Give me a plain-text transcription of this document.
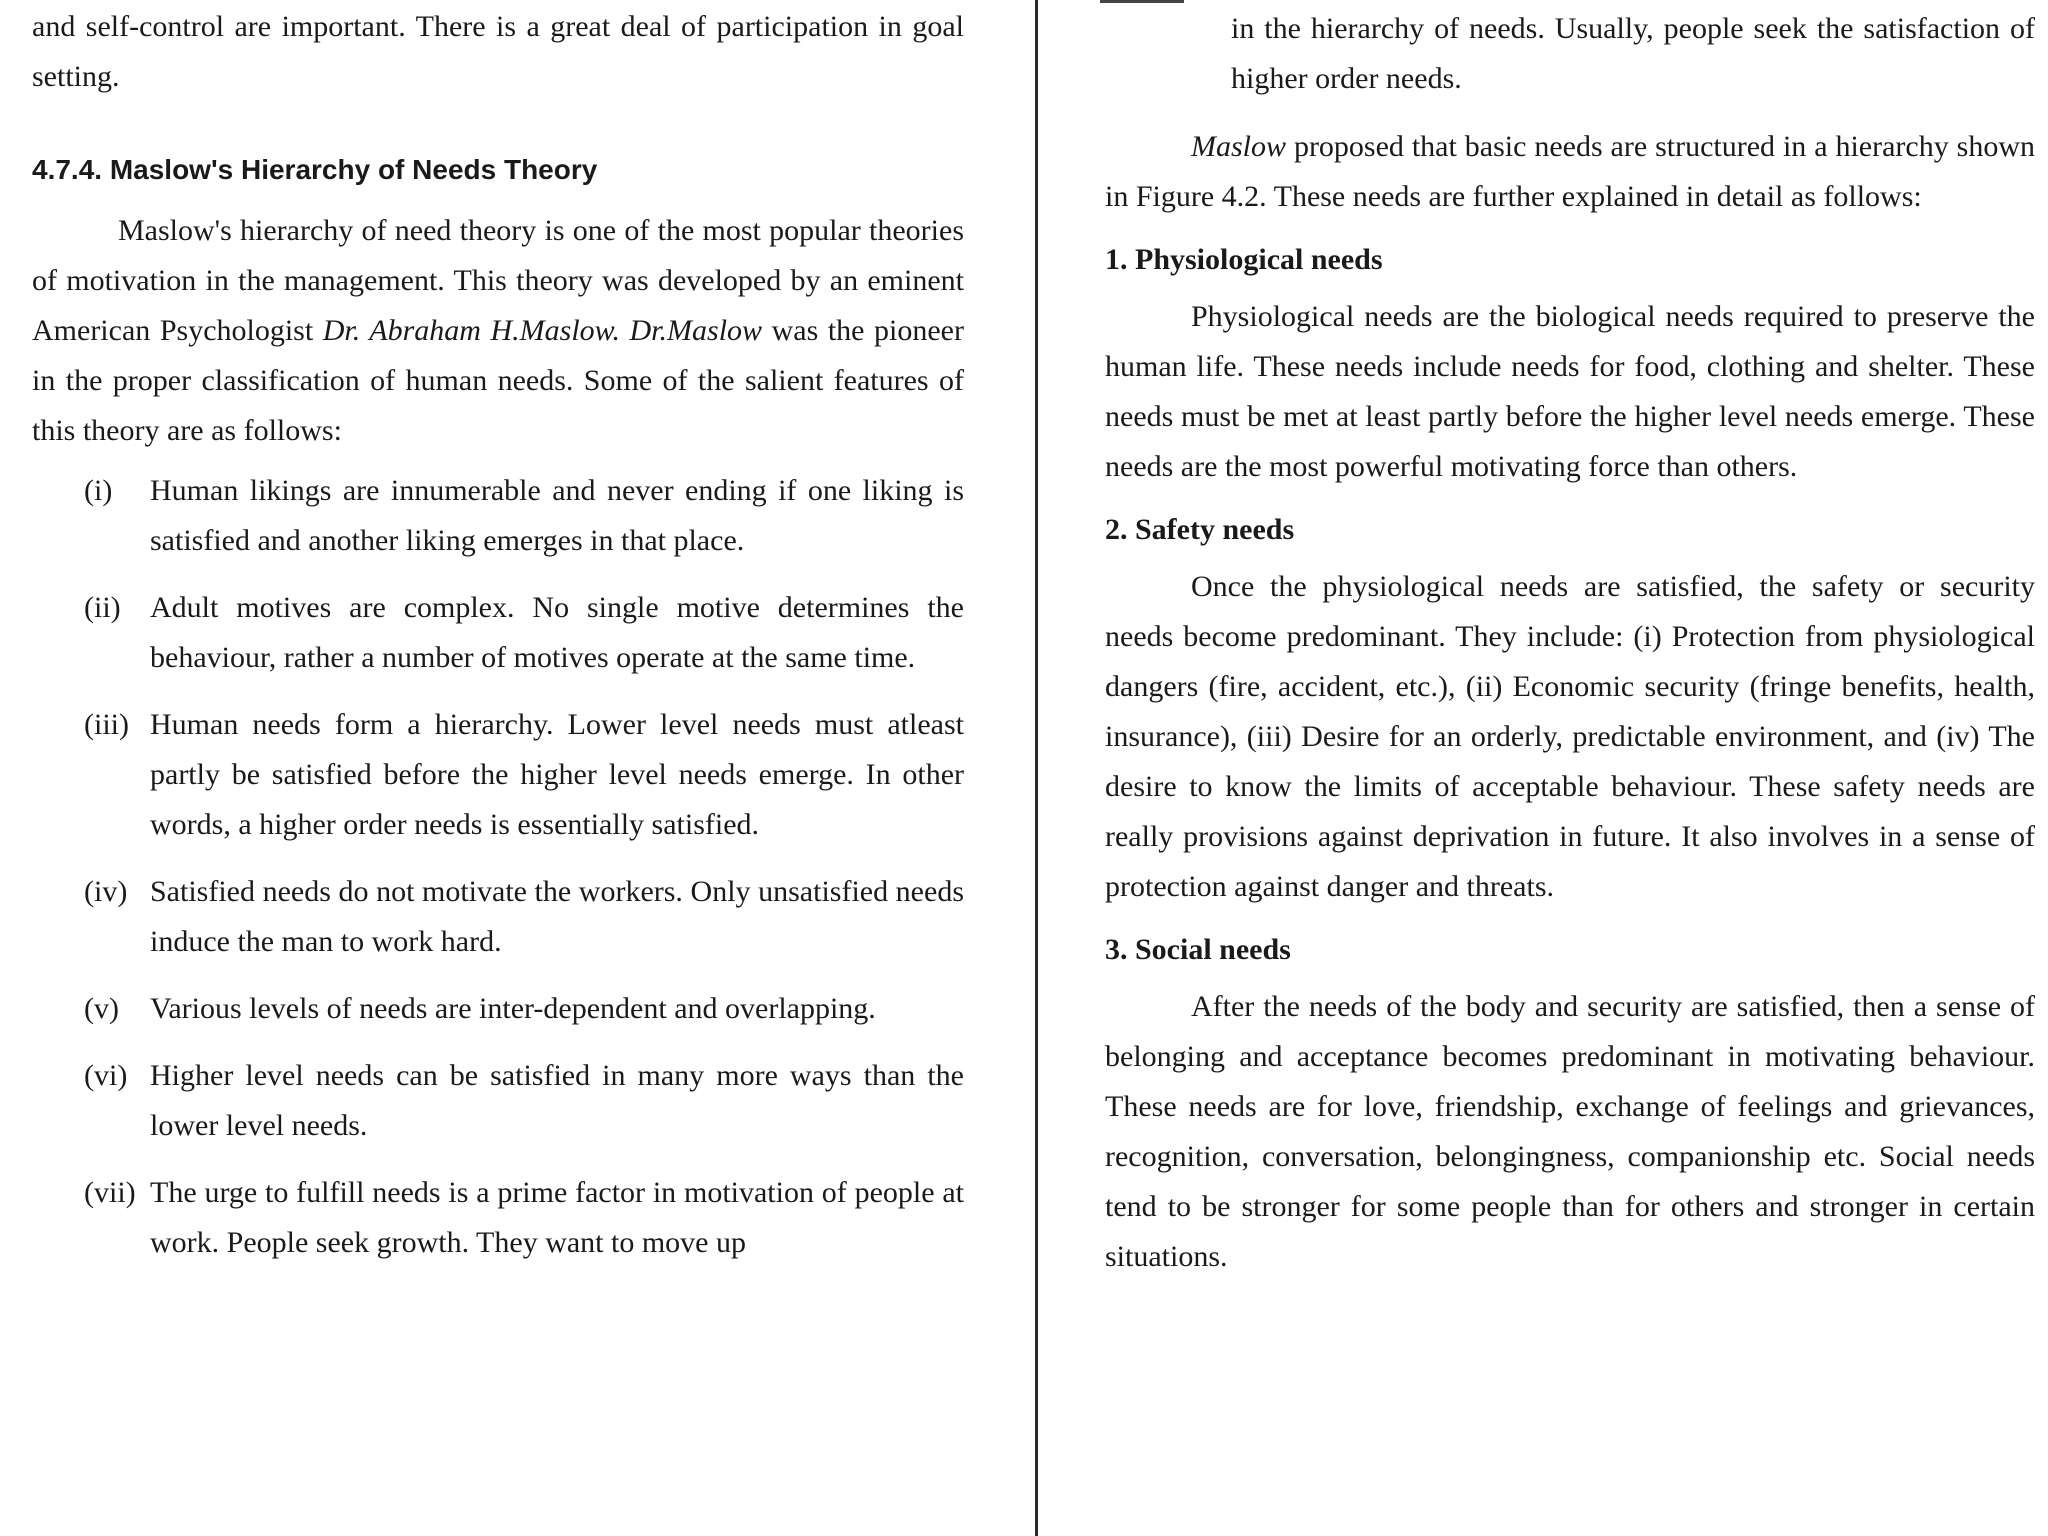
and self-control are important. There is a great deal of participation in goal setting.

4.7.4. Maslow's Hierarchy of Needs Theory

Maslow's hierarchy of need theory is one of the most popular theories of motivation in the management. This theory was developed by an eminent American Psychologist Dr. Abraham H.Maslow. Dr.Maslow was the pioneer in the proper classification of human needs. Some of the salient features of this theory are as follows:

(i) Human likings are innumerable and never ending if one liking is satisfied and another liking emerges in that place.
(ii) Adult motives are complex. No single motive determines the behaviour, rather a number of motives operate at the same time.
(iii) Human needs form a hierarchy. Lower level needs must atleast partly be satisfied before the higher level needs emerge. In other words, a higher order needs is essentially satisfied.
(iv) Satisfied needs do not motivate the workers. Only unsatisfied needs induce the man to work hard.
(v) Various levels of needs are inter-dependent and overlapping.
(vi) Higher level needs can be satisfied in many more ways than the lower level needs.
(vii) The urge to fulfill needs is a prime factor in motivation of people at work. People seek growth. They want to move up

in the hierarchy of needs. Usually, people seek the satisfaction of higher order needs.

Maslow proposed that basic needs are structured in a hierarchy shown in Figure 4.2. These needs are further explained in detail as follows:

1. Physiological needs

Physiological needs are the biological needs required to preserve the human life. These needs include needs for food, clothing and shelter. These needs must be met at least partly before the higher level needs emerge. These needs are the most powerful motivating force than others.

2. Safety needs

Once the physiological needs are satisfied, the safety or security needs become predominant. They include: (i) Protection from physiological dangers (fire, accident, etc.), (ii) Economic security (fringe benefits, health, insurance), (iii) Desire for an orderly, predictable environment, and (iv) The desire to know the limits of acceptable behaviour. These safety needs are really provisions against deprivation in future. It also involves in a sense of protection against danger and threats.

3. Social needs

After the needs of the body and security are satisfied, then a sense of belonging and acceptance becomes predominant in motivating behaviour. These needs are for love, friendship, exchange of feelings and grievances, recognition, conversation, belongingness, companionship etc. Social needs tend to be stronger for some people than for others and stronger in certain situations.
